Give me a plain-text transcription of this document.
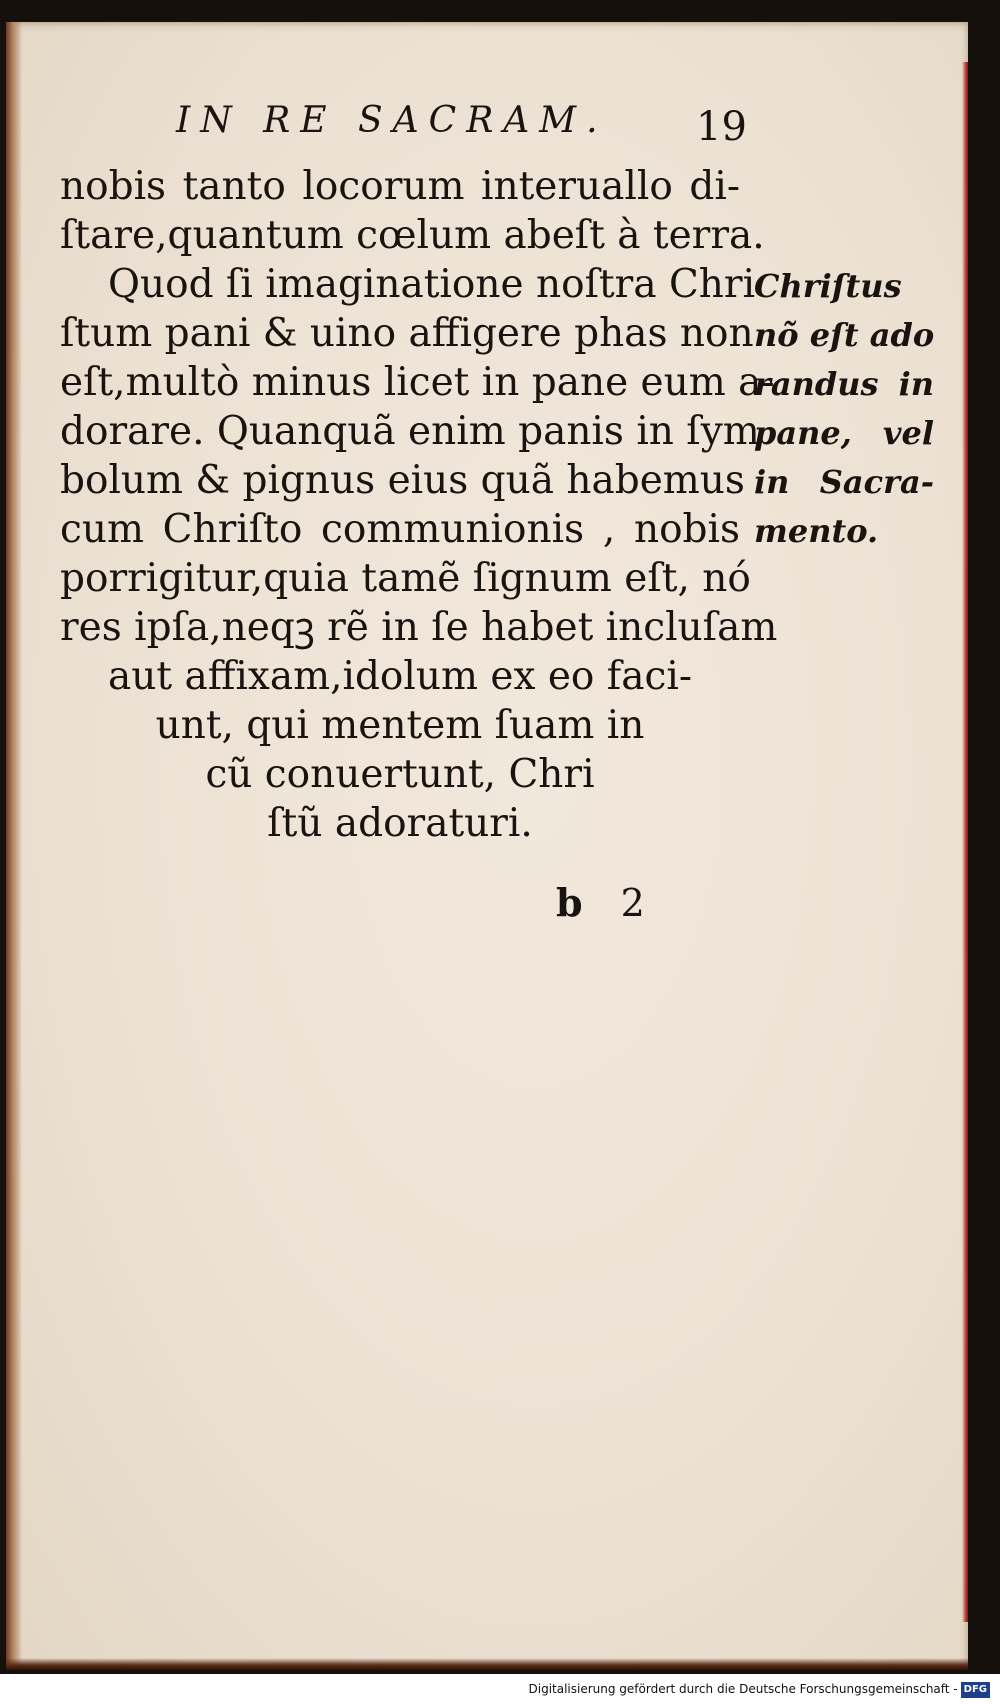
IN RE SACRAM. 19
nobis tanto locorum interuallo di-
ſtare,quantum cœlum abeſt à terra.
Quod ſi imaginatione noſtra Chri
ſtum pani & uino affigere phas non
eſt,multò minus licet in pane eum a-
dorare. Quanquã enim panis in ſym
bolum & pignus eius quã habemus
cum Chriſto communionis , nobis
porrigitur,quia tamẽ ſignum eſt, nó
res ipſa,neqꝫ rẽ in ſe habet incluſam
aut affixam,idolum ex eo faci-
unt, qui mentem ſuam in
cũ conuertunt, Chri
ſtũ adoraturi.
Chriſtus
nõ eſt ado
randus in
pane, vel
in Sacra-
mento.
b 2
Digitalisierung gefördert durch die Deutsche Forschungsgemeinschaft - DFG
